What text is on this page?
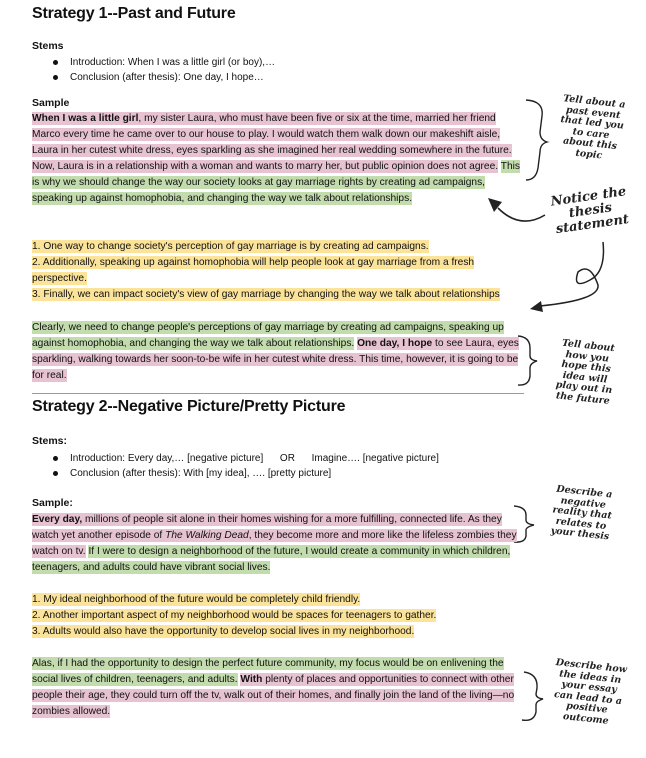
Strategy 1--Past and Future
Stems
Introduction: When I was a little girl (or boy),…
Conclusion (after thesis): One day, I hope…
Sample
When I was a little girl, my sister Laura, who must have been five or six at the time, married her friend Marco every time he came over to our house to play. I would watch them walk down our makeshift aisle, Laura in her cutest white dress, eyes sparkling as she imagined her real wedding somewhere in the future. Now, Laura is in a relationship with a woman and wants to marry her, but public opinion does not agree. This is why we should change the way our society looks at gay marriage rights by creating ad campaigns, speaking up against homophobia, and changing the way we talk about relationships.

1. One way to change society's perception of gay marriage is by creating ad campaigns.

2. Additionally, speaking up against homophobia will help people look at gay marriage from a fresh perspective.

3. Finally, we can impact society's view of gay marriage by changing the way we talk about relationships

Clearly, we need to change people's perceptions of gay marriage by creating ad campaigns, speaking up against homophobia, and changing the way we talk about relationships. One day, I hope to see Laura, eyes sparkling, walking towards her soon-to-be wife in her cutest white dress. This time, however, it is going to be for real.
Tell about a past event that led you to care about this topic
Notice the thesis statement
Tell about how you hope this idea will play out in the future
Strategy 2--Negative Picture/Pretty Picture
Stems:
Introduction: Every day,… [negative picture]      OR      Imagine…. [negative picture]
Conclusion (after thesis): With [my idea], …. [pretty picture]
Sample:
Every day, millions of people sit alone in their homes wishing for a more fulfilling, connected life. As they watch yet another episode of The Walking Dead, they become more and more like the lifeless zombies they watch on tv. If I were to design a neighborhood of the future, I would create a community in which children, teenagers, and adults could have vibrant social lives.

1. My ideal neighborhood of the future would be completely child friendly.

2. Another important aspect of my neighborhood would be spaces for teenagers to gather.

3. Adults would also have the opportunity to develop social lives in my neighborhood.

Alas, if I had the opportunity to design the perfect future community, my focus would be on enlivening the social lives of children, teenagers, and adults. With plenty of places and opportunities to connect with other people their age, they could turn off the tv, walk out of their homes, and finally join the land of the living—no zombies allowed.
Describe a negative reality that relates to your thesis
Describe how the ideas in your essay can lead to a positive outcome
